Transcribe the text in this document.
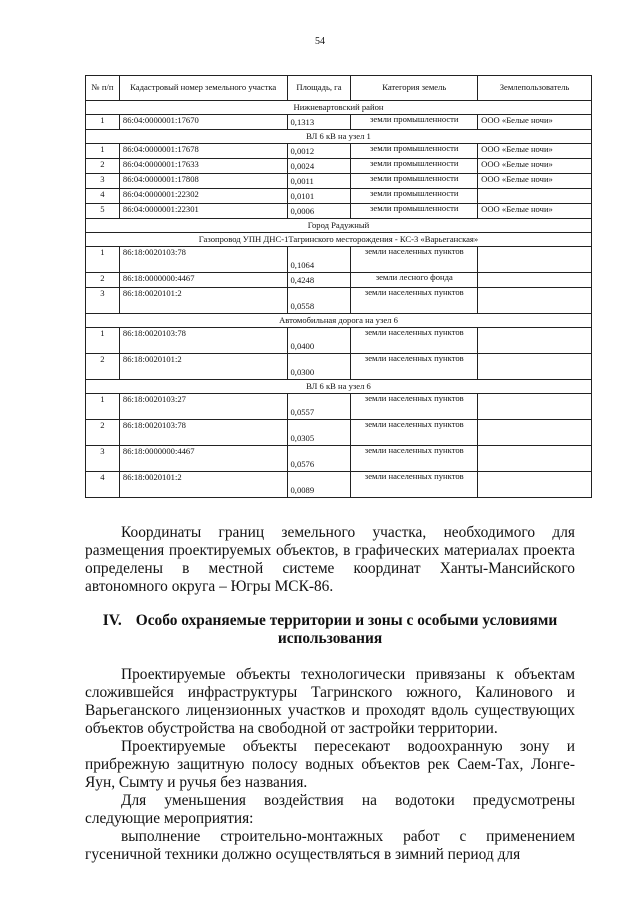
54
№ п/п	Кадастровый номер земельного участка	Площадь, га	Категория земель	Землепользователь
Нижневартовский район				
1	86:04:0000001:17670	0,1313	земли промышленности	ООО «Белые ночи»
ВЛ 6 кВ на узел 1				
1	86:04:0000001:17678	0,0012	земли промышленности	ООО «Белые ночи»
2	86:04:0000001:17633	0,0024	земли промышленности	ООО «Белые ночи»
3	86:04:0000001:17808	0,0011	земли промышленности	ООО «Белые ночи»
4	86:04:0000001:22302	0,0101	земли промышленности	
5	86:04:0000001:22301	0,0006	земли промышленности	ООО «Белые ночи»
Город Радужный				
Газопровод УПН ДНС-1Тагринского месторождения - КС-3 «Варьеганская»				
1	86:18:0020103:78	0,1064	земли населенных пунктов	

2	86:18:0000000:4467	0,4248	земли лесного фонда	
3	86:18:0020101:2	0,0558	земли населенных пунктов	

Автомобильная дорога на узел 6				
1	86:18:0020103:78	0,0400	земли населенных пунктов	

2	86:18:0020101:2	0,0300	земли населенных пунктов	

ВЛ 6 кВ на узел 6				
1	86:18:0020103:27	0,0557	земли населенных пунктов	

2	86:18:0020103:78	0,0305	земли населенных пунктов	

3	86:18:0000000:4467	0,0576	земли населенных пунктов	

4	86:18:0020101:2	0,0089	земли населенных пунктов	

Координаты границ земельного участка, необходимого для размещения проектируемых объектов, в графических материалах проекта определены в местной системе координат Ханты-Мансийского автономного округа – Югры МСК-86.
IV. Особо охраняемые территории и зоны с особыми условиями использования
Проектируемые объекты технологически привязаны к объектам сложившейся инфраструктуры Тагринского южного, Калинового и Варьеганского лицензионных участков и проходят вдоль существующих объектов обустройства на свободной от застройки территории.
Проектируемые объекты пересекают водоохранную зону и прибрежную защитную полосу водных объектов рек Саем-Тах, Лонге-Яун, Сымту и ручья без названия.
Для уменьшения воздействия на водотоки предусмотрены следующие мероприятия:
выполнение строительно-монтажных работ с применением гусеничной техники должно осуществляться в зимний период для
